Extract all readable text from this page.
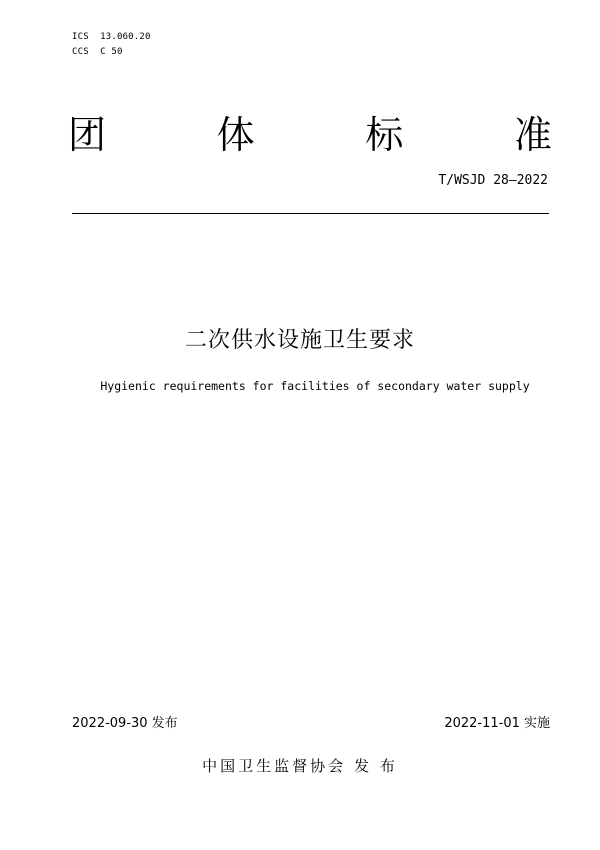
ICS  13.060.20
CCS  C 50
团	体	标	准
T/WSJD 28—2022
二次供水设施卫生要求
Hygienic requirements for facilities of secondary water supply
2022-09-30 发布	2022-11-01 实施
中国卫生监督协会 发 布
